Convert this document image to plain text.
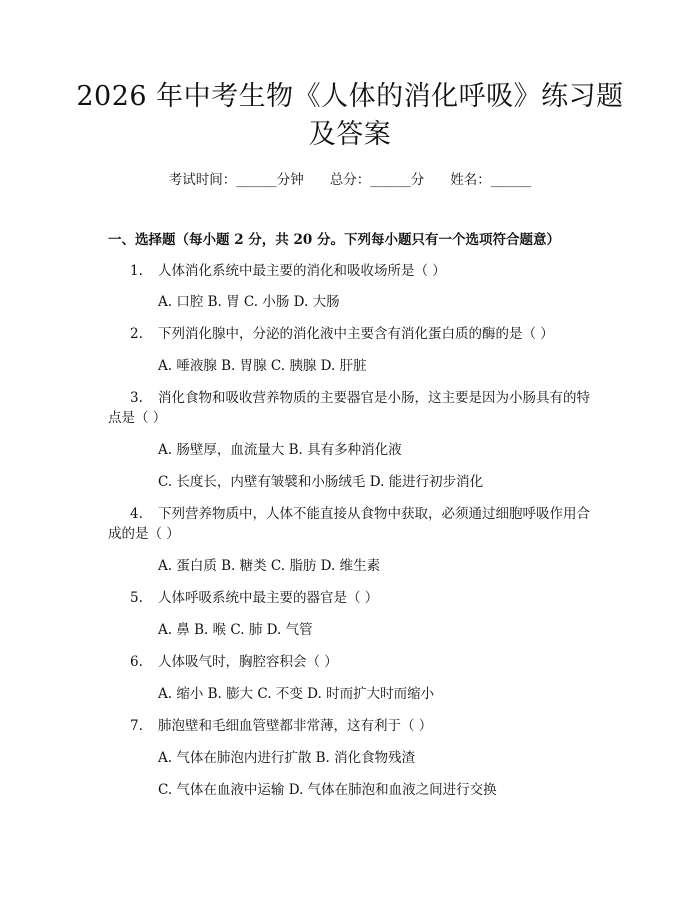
2026 年中考生物《人体的消化呼吸》练习题及答案
考试时间：______分钟 总分：______分 姓名：______
一、选择题（每小题 2 分，共 20 分。下列每小题只有一个选项符合题意）
1. 人体消化系统中最主要的消化和吸收场所是（ ）
A. 口腔 B. 胃 C. 小肠 D. 大肠
2. 下列消化腺中，分泌的消化液中主要含有消化蛋白质的酶的是（ ）
A. 唾液腺 B. 胃腺 C. 胰腺 D. 肝脏
3. 消化食物和吸收营养物质的主要器官是小肠，这主要是因为小肠具有的特点是（ ）
A. 肠壁厚，血流量大 B. 具有多种消化液
C. 长度长，内壁有皱襞和小肠绒毛 D. 能进行初步消化
4. 下列营养物质中，人体不能直接从食物中获取，必须通过细胞呼吸作用合成的是（ ）
A. 蛋白质 B. 糖类 C. 脂肪 D. 维生素
5. 人体呼吸系统中最主要的器官是（ ）
A. 鼻 B. 喉 C. 肺 D. 气管
6. 人体吸气时，胸腔容积会（ ）
A. 缩小 B. 膨大 C. 不变 D. 时而扩大时而缩小
7. 肺泡壁和毛细血管壁都非常薄，这有利于（ ）
A. 气体在肺泡内进行扩散 B. 消化食物残渣
C. 气体在血液中运输 D. 气体在肺泡和血液之间进行交换
